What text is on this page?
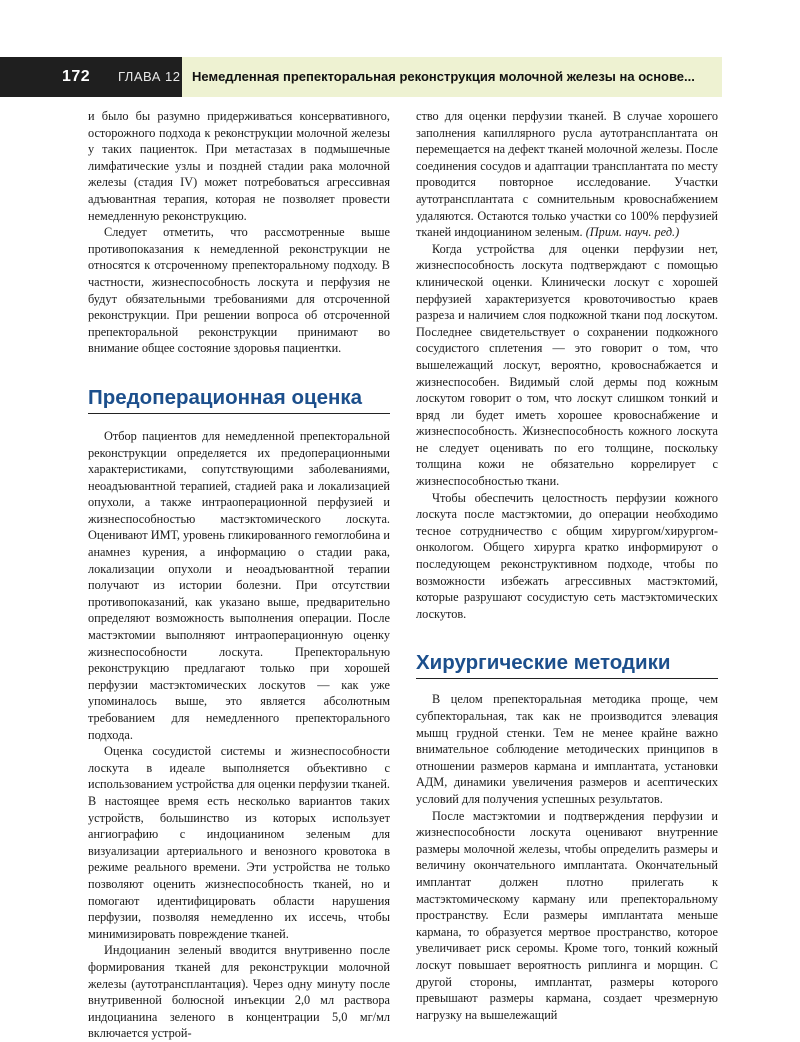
172 ГЛАВА 12 Немедленная препекторальная реконструкция молочной железы на основе...

и было бы разумно придерживаться консервативного, осторожного подхода к реконструкции молочной железы у таких пациенток. При метастазах в подмышечные лимфатические узлы и поздней стадии рака молочной железы (стадия IV) может потребоваться агрессивная адъювантная терапия, которая не позволяет провести немедленную реконструкцию.

Следует отметить, что рассмотренные выше противопоказания к немедленной реконструкции не относятся к отсроченному препекторальному подходу. В частности, жизнеспособность лоскута и перфузия не будут обязательными требованиями для отсроченной реконструкции. При решении вопроса об отсроченной препекторальной реконструкции принимают во внимание общее состояние здоровья пациентки.

Предоперационная оценка

Отбор пациентов для немедленной препекторальной реконструкции определяется их предоперационными характеристиками, сопутствующими заболеваниями, неоадъювантной терапией, стадией рака и локализацией опухоли, а также интраоперационной перфузией и жизнеспособностью мастэктомического лоскута. Оценивают ИМТ, уровень гликированного гемоглобина и анамнез курения, а информацию о стадии рака, локализации опухоли и неоадъювантной терапии получают из истории болезни. При отсутствии противопоказаний, как указано выше, предварительно определяют возможность выполнения операции. После мастэктомии выполняют интраоперационную оценку жизнеспособности лоскута. Препекторальную реконструкцию предлагают только при хорошей перфузии мастэктомических лоскутов — как уже упоминалось выше, это является абсолютным требованием для немедленного препекторального подхода.

Оценка сосудистой системы и жизнеспособности лоскута в идеале выполняется объективно с использованием устройства для оценки перфузии тканей. В настоящее время есть несколько вариантов таких устройств, большинство из которых использует ангиографию с индоцианином зеленым для визуализации артериального и венозного кровотока в режиме реального времени. Эти устройства не только позволяют оценить жизнеспособность тканей, но и помогают идентифицировать области нарушения перфузии, позволяя немедленно их иссечь, чтобы минимизировать повреждение тканей.

Индоцианин зеленый вводится внутривенно после формирования тканей для реконструкции молочной железы (аутотрансплантация). Через одну минуту после внутривенной болюсной инъекции 2,0 мл раствора индоцианина зеленого в концентрации 5,0 мг/мл включается устрой-

ство для оценки перфузии тканей. В случае хорошего заполнения капиллярного русла аутотрансплантата он перемещается на дефект тканей молочной железы. После соединения сосудов и адаптации трансплантата по месту проводится повторное исследование. Участки аутотрансплантата с сомнительным кровоснабжением удаляются. Остаются только участки со 100% перфузией тканей индоцианином зеленым. (Прим. науч. ред.)

Когда устройства для оценки перфузии нет, жизнеспособность лоскута подтверждают с помощью клинической оценки. Клинически лоскут с хорошей перфузией характеризуется кровоточивостью краев разреза и наличием слоя подкожной ткани под лоскутом. Последнее свидетельствует о сохранении подкожного сосудистого сплетения — это говорит о том, что вышележащий лоскут, вероятно, кровоснабжается и жизнеспособен. Видимый слой дермы под кожным лоскутом говорит о том, что лоскут слишком тонкий и вряд ли будет иметь хорошее кровоснабжение и жизнеспособность. Жизнеспособность кожного лоскута не следует оценивать по его толщине, поскольку толщина кожи не обязательно коррелирует с жизнеспособностью ткани.

Чтобы обеспечить целостность перфузии кожного лоскута после мастэктомии, до операции необходимо тесное сотрудничество с общим хирургом/хирургом-онкологом. Общего хирурга кратко информируют о последующем реконструктивном подходе, чтобы по возможности избежать агрессивных мастэктомий, которые разрушают сосудистую сеть мастэктомических лоскутов.

Хирургические методики

В целом препекторальная методика проще, чем субпекторальная, так как не производится элевация мышц грудной стенки. Тем не менее крайне важно внимательное соблюдение методических принципов в отношении размеров кармана и имплантата, установки АДМ, динамики увеличения размеров и асептических условий для получения успешных результатов.

После мастэктомии и подтверждения перфузии и жизнеспособности лоскута оценивают внутренние размеры молочной железы, чтобы определить размеры и величину окончательного имплантата. Окончательный имплантат должен плотно прилегать к мастэктомическому карману или препекторальному пространству. Если размеры имплантата меньше кармана, то образуется мертвое пространство, которое увеличивает риск серомы. Кроме того, тонкий кожный лоскут повышает вероятность риплинга и морщин. С другой стороны, имплантат, размеры которого превышают размеры кармана, создает чрезмерную нагрузку на вышележащий
